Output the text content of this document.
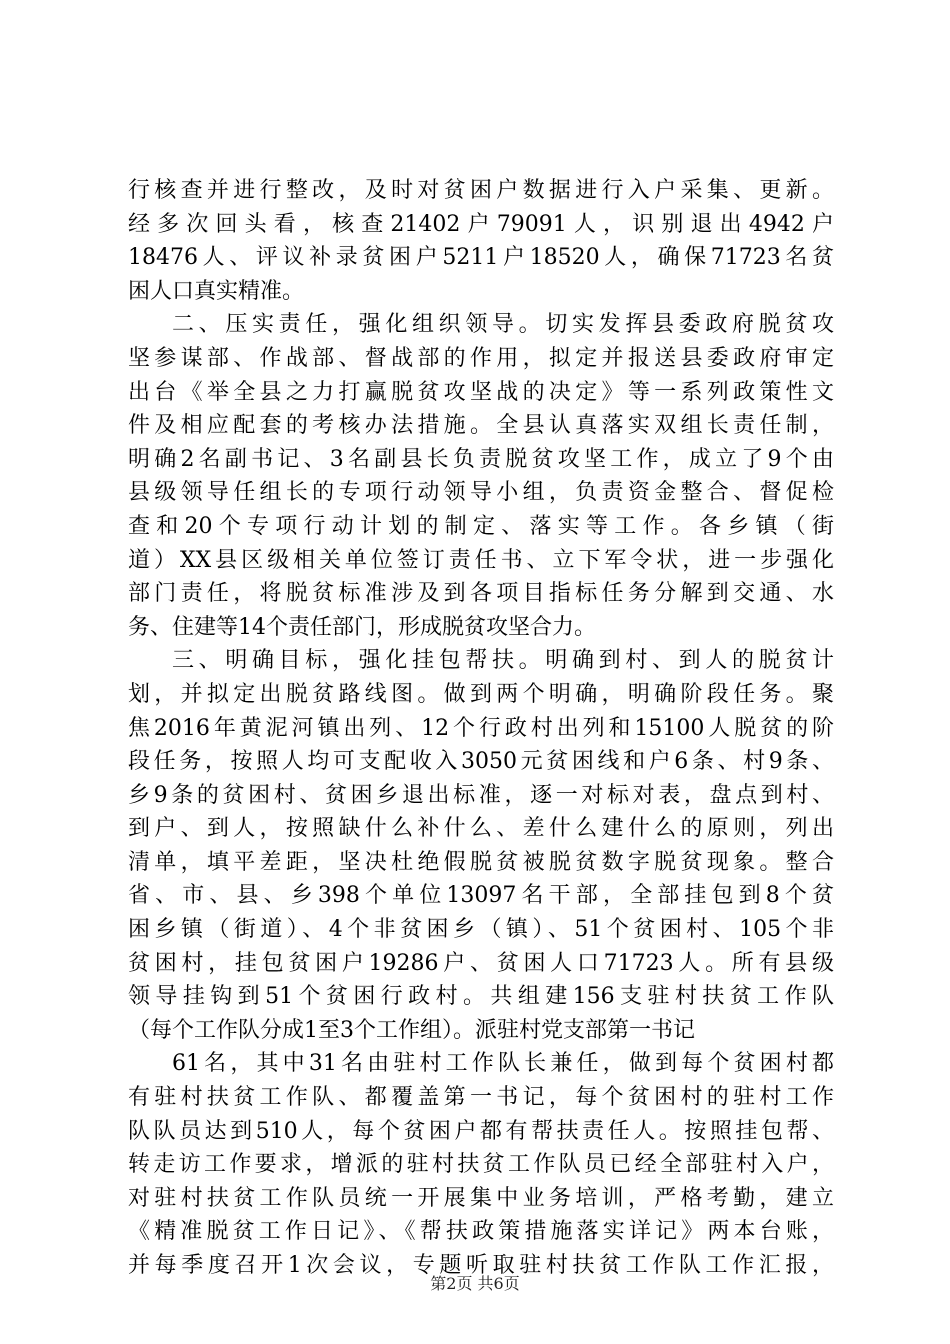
行核查并进行整改，及时对贫困户数据进行入户采集、更新。
经多次回头看，核查21402户79091人，识别退出4942户
18476人、评议补录贫困户5211户18520人，确保71723名贫
困人口真实精准。
二、压实责任，强化组织领导。切实发挥县委政府脱贫攻
坚参谋部、作战部、督战部的作用，拟定并报送县委政府审定
出台《举全县之力打赢脱贫攻坚战的决定》等一系列政策性文
件及相应配套的考核办法措施。全县认真落实双组长责任制，
明确2名副书记、3名副县长负责脱贫攻坚工作，成立了9个由
县级领导任组长的专项行动领导小组，负责资金整合、督促检
查和20个专项行动计划的制定、落实等工作。各乡镇（街
道）XX县区级相关单位签订责任书、立下军令状，进一步强化
部门责任，将脱贫标准涉及到各项目指标任务分解到交通、水
务、住建等14个责任部门，形成脱贫攻坚合力。
三、明确目标，强化挂包帮扶。明确到村、到人的脱贫计
划，并拟定出脱贫路线图。做到两个明确，明确阶段任务。聚
焦2016年黄泥河镇出列、12个行政村出列和15100人脱贫的阶
段任务，按照人均可支配收入3050元贫困线和户6条、村9条、
乡9条的贫困村、贫困乡退出标准，逐一对标对表，盘点到村、
到户、到人，按照缺什么补什么、差什么建什么的原则，列出
清单，填平差距，坚决杜绝假脱贫被脱贫数字脱贫现象。整合
省、市、县、乡398个单位13097名干部，全部挂包到8个贫
困乡镇（街道）、4个非贫困乡（镇）、51个贫困村、105个非
贫困村，挂包贫困户19286户、贫困人口71723人。所有县级
领导挂钩到51个贫困行政村。共组建156支驻村扶贫工作队
（每个工作队分成1至3个工作组）。派驻村党支部第一书记
61名，其中31名由驻村工作队长兼任，做到每个贫困村都
有驻村扶贫工作队、都覆盖第一书记，每个贫困村的驻村工作
队队员达到510人，每个贫困户都有帮扶责任人。按照挂包帮、
转走访工作要求，增派的驻村扶贫工作队员已经全部驻村入户，
对驻村扶贫工作队员统一开展集中业务培训，严格考勤，建立
《精准脱贫工作日记》、《帮扶政策措施落实详记》两本台账，
并每季度召开1次会议，专题听取驻村扶贫工作队工作汇报，
第2页 共6页
